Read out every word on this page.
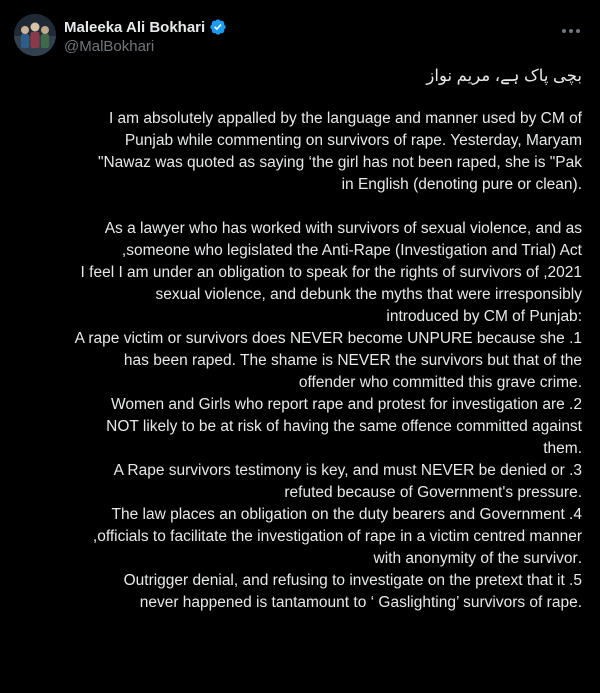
Maleeka Ali Bokhari
@MalBokhari
بچی پاک ہے، مریم نواز
I am absolutely appalled by the language and manner used by CM of
Punjab while commenting on survivors of rape. Yesterday, Maryam
Nawaz was quoted as saying ‘the girl has not been raped, she is "Pak"
.(denoting pure or clean) in English
As a lawyer who has worked with survivors of sexual violence, and as
someone who legislated the Anti-Rape (Investigation and Trial) Act,
2021, I feel I am under an obligation to speak for the rights of survivors of
sexual violence, and debunk the myths that were irresponsibly
:introduced by CM of Punjab
A rape victim or survivors does NEVER become UNPURE because she .1
has been raped. The shame is NEVER the survivors but that of the
.offender who committed this grave crime
Women and Girls who report rape and protest for investigation are .2
NOT likely to be at risk of having the same offence committed against
.them
A Rape survivors testimony is key, and must NEVER be denied or .3
.refuted because of Government's pressure
The law places an obligation on the duty bearers and Government .4
officials to facilitate the investigation of rape in a victim centred manner,
.with anonymity of the survivor
Outrigger denial, and refusing to investigate on the pretext that it .5
.never happened is tantamount to ‘ Gaslighting’ survivors of rape
